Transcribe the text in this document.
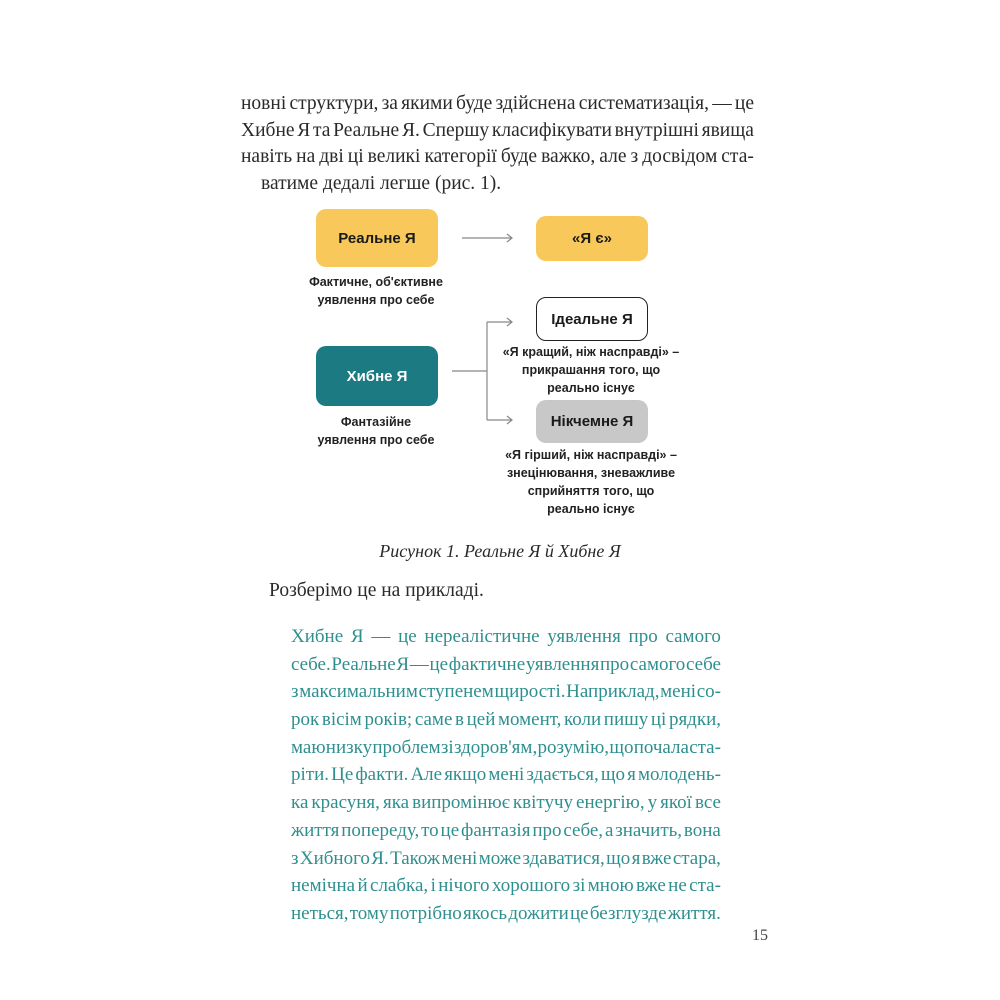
новні структури, за якими буде здійснена систематизація, — це
Хибне Я та Реальне Я. Спершу класифікувати внутрішні явища
навіть на дві ці великі категорії буде важко, але з досвідом ста-
ватиме дедалі легше (рис. 1).
Реальне Я
Фактичне, об'єктивне
уявлення про себе
«Я є»
Хибне Я
Фантазійне
уявлення про себе
Ідеальне Я
«Я кращий, ніж насправді» –
прикрашання того, що
реально існує
Нікчемне Я
«Я гірший, ніж насправді» –
знецінювання, зневажливе
сприйняття того, що
реально існує
Рисунок 1. Реальне Я й Хибне Я
Розберімо це на прикладі.
Хибне Я — це нереалістичне уявлення про самого
себе. Реальне Я — це фактичне уявлення про самого себе
з максимальним ступенем щирості. Наприклад, мені со-
рок вісім років; саме в цей момент, коли пишу ці рядки,
маю низку проблем зі здоров'ям, розумію, що почала ста-
ріти. Це факти. Але якщо мені здається, що я молодень-
ка красуня, яка випромінює квітучу енергію, у якої все
життя попереду, то це фантазія про себе, а значить, вона
з Хибного Я. Також мені може здаватися, що я вже стара,
немічна й слабка, і нічого хорошого зі мною вже не ста-
неться, тому потрібно якось дожити це безглузде життя.
15
